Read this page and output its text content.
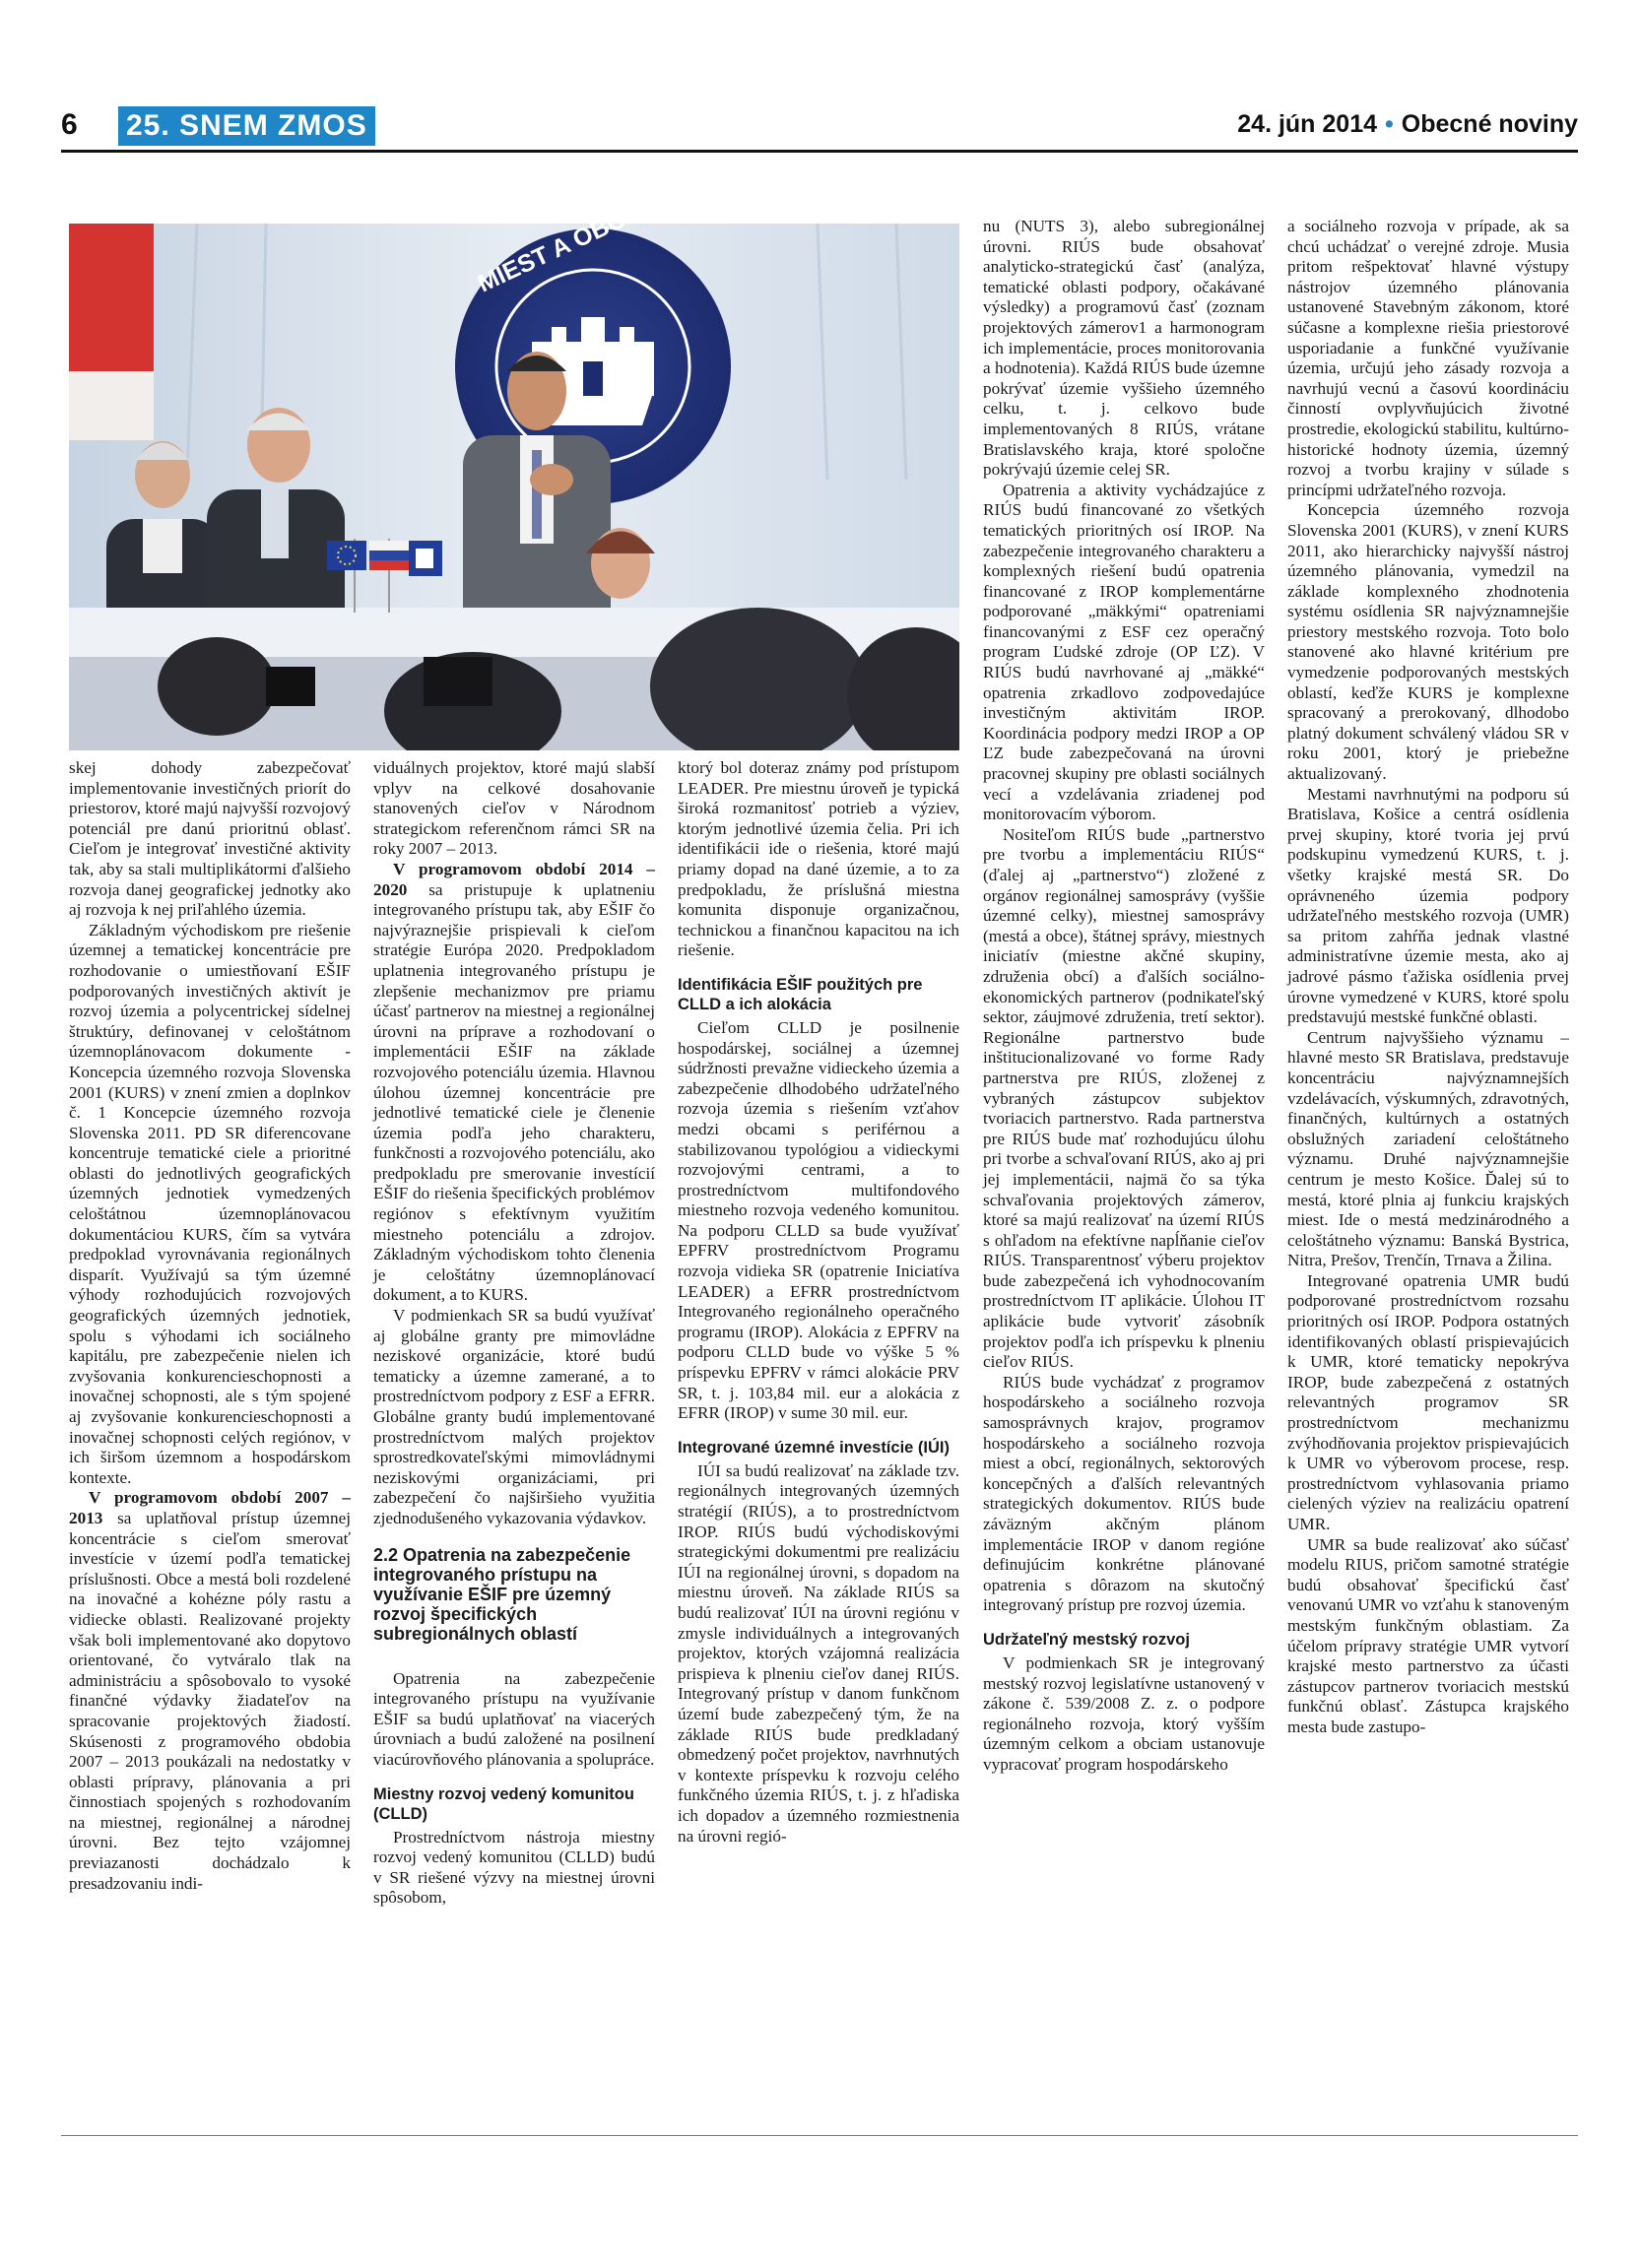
6 25. SNEM ZMOS	24. jún 2014 • Obecné noviny
MIEST A OBCÍ

skej dohody zabezpečovať implementovanie investičných priorít do priestorov, ktoré majú najvyšší rozvojový potenciál pre danú prioritnú oblasť. Cieľom je integrovať investičné aktivity tak, aby sa stali multiplikátormi ďalšieho rozvoja danej geografickej jednotky ako aj rozvoja k nej priľahlého územia.

Základným východiskom pre riešenie územnej a tematickej koncentrácie pre rozhodovanie o umiestňovaní EŠIF podporovaných investičných aktivít je rozvoj územia a polycentrickej sídelnej štruktúry, definovanej v celoštátnom územnoplánovacom dokumente - Koncepcia územného rozvoja Slovenska 2001 (KURS) v znení zmien a doplnkov č. 1 Koncepcie územného rozvoja Slovenska 2011. PD SR diferencovane koncentruje tematické ciele a prioritné oblasti do jednotlivých geografických územných jednotiek vymedzených celoštátnou územnoplánovacou dokumentáciou KURS, čím sa vytvára predpoklad vyrovnávania regionálnych disparít. Využívajú sa tým územné výhody rozhodujúcich rozvojových geografických územných jednotiek, spolu s výhodami ich sociálneho kapitálu, pre zabezpečenie nielen ich zvyšovania konkurencieschopnosti a inovačnej schopnosti, ale s tým spojené aj zvyšovanie konkurencieschopnosti a inovačnej schopnosti celých regiónov, v ich širšom územnom a hospodárskom kontexte.

V programovom období 2007 – 2013 sa uplatňoval prístup územnej koncentrácie s cieľom smerovať investície v území podľa tematickej príslušnosti. Obce a mestá boli rozdelené na inovačné a kohézne póly rastu a vidiecke oblasti. Realizované projekty však boli implementované ako dopytovo orientované, čo vytváralo tlak na administráciu a spôsobovalo to vysoké finančné výdavky žiadateľov na spracovanie projektových žiadostí. Skúsenosti z programového obdobia 2007 – 2013 poukázali na nedostatky v oblasti prípravy, plánovania a pri činnostiach spojených s rozhodovaním na miestnej, regionálnej a národnej úrovni. Bez tejto vzájomnej previazanosti dochádzalo k presadzovaniu indi-

viduálnych projektov, ktoré majú slabší vplyv na celkové dosahovanie stanovených cieľov v Národnom strategickom referenčnom rámci SR na roky 2007 – 2013.

V programovom období 2014 – 2020 sa pristupuje k uplatneniu integrovaného prístupu tak, aby EŠIF čo najvýraznejšie prispievali k cieľom stratégie Európa 2020. Predpokladom uplatnenia integrovaného prístupu je zlepšenie mechanizmov pre priamu účasť partnerov na miestnej a regionálnej úrovni na príprave a rozhodovaní o implementácii EŠIF na základe rozvojového potenciálu územia. Hlavnou úlohou územnej koncentrácie pre jednotlivé tematické ciele je členenie územia podľa jeho charakteru, funkčnosti a rozvojového potenciálu, ako predpokladu pre smerovanie investícií EŠIF do riešenia špecifických problémov regiónov s efektívnym využitím miestneho potenciálu a zdrojov. Základným východiskom tohto členenia je celoštátny územnoplánovací dokument, a to KURS.

V podmienkach SR sa budú využívať aj globálne granty pre mimovládne neziskové organizácie, ktoré budú tematicky a územne zamerané, a to prostredníctvom podpory z ESF a EFRR. Globálne granty budú implementované prostredníctvom malých projektov sprostredkovateľskými mimovládnymi neziskovými organizáciami, pri zabezpečení čo najširšieho využitia zjednodušeného vykazovania výdavkov.

2.2 Opatrenia na zabezpečenie integrovaného prístupu na využívanie EŠIF pre územný rozvoj špecifických subregionálnych oblastí

Opatrenia na zabezpečenie integrovaného prístupu na využívanie EŠIF sa budú uplatňovať na viacerých úrovniach a budú založené na posilnení viacúrovňového plánovania a spolupráce.

Miestny rozvoj vedený komunitou (CLLD)

Prostredníctvom nástroja miestny rozvoj vedený komunitou (CLLD) budú v SR riešené výzvy na miestnej úrovni spôsobom,

ktorý bol doteraz známy pod prístupom LEADER. Pre miestnu úroveň je typická široká rozmanitosť potrieb a výziev, ktorým jednotlivé územia čelia. Pri ich identifikácii ide o riešenia, ktoré majú priamy dopad na dané územie, a to za predpokladu, že príslušná miestna komunita disponuje organizačnou, technickou a finančnou kapacitou na ich riešenie.

Identifikácia EŠIF použitých pre CLLD a ich alokácia

Cieľom CLLD je posilnenie hospodárskej, sociálnej a územnej súdržnosti prevažne vidieckeho územia a zabezpečenie dlhodobého udržateľného rozvoja územia s riešením vzťahov medzi obcami s periférnou a stabilizovanou typológiou a vidieckymi rozvojovými centrami, a to prostredníctvom multifondového miestneho rozvoja vedeného komunitou. Na podporu CLLD sa bude využívať EPFRV prostredníctvom Programu rozvoja vidieka SR (opatrenie Iniciatíva LEADER) a EFRR prostredníctvom Integrovaného regionálneho operačného programu (IROP). Alokácia z EPFRV na podporu CLLD bude vo výške 5 % príspevku EPFRV v rámci alokácie PRV SR, t. j. 103,84 mil. eur a alokácia z EFRR (IROP) v sume 30 mil. eur.

Integrované územné investície (IÚI)

IÚI sa budú realizovať na základe tzv. regionálnych integrovaných územných stratégií (RIÚS), a to prostredníctvom IROP. RIÚS budú východiskovými strategickými dokumentmi pre realizáciu IÚI na regionálnej úrovni, s dopadom na miestnu úroveň. Na základe RIÚS sa budú realizovať IÚI na úrovni regiónu v zmysle individuálnych a integrovaných projektov, ktorých vzájomná realizácia prispieva k plneniu cieľov danej RIÚS. Integrovaný prístup v danom funkčnom území bude zabezpečený tým, že na základe RIÚS bude predkladaný obmedzený počet projektov, navrhnutých v kontexte príspevku k rozvoju celého funkčného územia RIÚS, t. j. z hľadiska ich dopadov a územného rozmiestnenia na úrovni regió-

nu (NUTS 3), alebo subregionálnej úrovni. RIÚS bude obsahovať analyticko-strategickú časť (analýza, tematické oblasti podpory, očakávané výsledky) a programovú časť (zoznam projektových zámerov1 a harmonogram ich implementácie, proces monitorovania a hodnotenia). Každá RIÚS bude územne pokrývať územie vyššieho územného celku, t. j. celkovo bude implementovaných 8 RIÚS, vrátane Bratislavského kraja, ktoré spoločne pokrývajú územie celej SR.

Opatrenia a aktivity vychádzajúce z RIÚS budú financované zo všetkých tematických prioritných osí IROP. Na zabezpečenie integrovaného charakteru a komplexných riešení budú opatrenia financované z IROP komplementárne podporované „mäkkými“ opatreniami financovanými z ESF cez operačný program Ľudské zdroje (OP ĽZ). V RIÚS budú navrhované aj „mäkké“ opatrenia zrkadlovo zodpovedajúce investičným aktivitám IROP. Koordinácia podpory medzi IROP a OP ĽZ bude zabezpečovaná na úrovni pracovnej skupiny pre oblasti sociálnych vecí a vzdelávania zriadenej pod monitorovacím výborom.

Nositeľom RIÚS bude „partnerstvo pre tvorbu a implementáciu RIÚS“ (ďalej aj „partnerstvo“) zložené z orgánov regionálnej samosprávy (vyššie územné celky), miestnej samosprávy (mestá a obce), štátnej správy, miestnych iniciatív (miestne akčné skupiny, združenia obcí) a ďalších sociálno-ekonomických partnerov (podnikateľský sektor, záujmové združenia, tretí sektor). Regionálne partnerstvo bude inštitucionalizované vo forme Rady partnerstva pre RIÚS, zloženej z vybraných zástupcov subjektov tvoriacich partnerstvo. Rada partnerstva pre RIÚS bude mať rozhodujúcu úlohu pri tvorbe a schvaľovaní RIÚS, ako aj pri jej implementácii, najmä čo sa týka schvaľovania projektových zámerov, ktoré sa majú realizovať na území RIÚS s ohľadom na efektívne napĺňanie cieľov RIÚS. Transparentnosť výberu projektov bude zabezpečená ich vyhodnocovaním prostredníctvom IT aplikácie. Úlohou IT aplikácie bude vytvoriť zásobník projektov podľa ich príspevku k plneniu cieľov RIÚS.

RIÚS bude vychádzať z programov hospodárskeho a sociálneho rozvoja samosprávnych krajov, programov hospodárskeho a sociálneho rozvoja miest a obcí, regionálnych, sektorových koncepčných a ďalších relevantných strategických dokumentov. RIÚS bude záväzným akčným plánom implementácie IROP v danom regióne definujúcim konkrétne plánované opatrenia s dôrazom na skutočný integrovaný prístup pre rozvoj územia.

Udržateľný mestský rozvoj

V podmienkach SR je integrovaný mestský rozvoj legislatívne ustanovený v zákone č. 539/2008 Z. z. o podpore regionálneho rozvoja, ktorý vyšším územným celkom a obciam ustanovuje vypracovať program hospodárskeho

a sociálneho rozvoja v prípade, ak sa chcú uchádzať o verejné zdroje. Musia pritom rešpektovať hlavné výstupy nástrojov územného plánovania ustanovené Stavebným zákonom, ktoré súčasne a komplexne riešia priestorové usporiadanie a funkčné využívanie územia, určujú jeho zásady rozvoja a navrhujú vecnú a časovú koordináciu činností ovplyvňujúcich životné prostredie, ekologickú stabilitu, kultúrno-historické hodnoty územia, územný rozvoj a tvorbu krajiny v súlade s princípmi udržateľného rozvoja.

Koncepcia územného rozvoja Slovenska 2001 (KURS), v znení KURS 2011, ako hierarchicky najvyšší nástroj územného plánovania, vymedzil na základe komplexného zhodnotenia systému osídlenia SR najvýznamnejšie priestory mestského rozvoja. Toto bolo stanovené ako hlavné kritérium pre vymedzenie podporovaných mestských oblastí, keďže KURS je komplexne spracovaný a prerokovaný, dlhodobo platný dokument schválený vládou SR v roku 2001, ktorý je priebežne aktualizovaný.

Mestami navrhnutými na podporu sú Bratislava, Košice a centrá osídlenia prvej skupiny, ktoré tvoria jej prvú podskupinu vymedzenú KURS, t. j. všetky krajské mestá SR. Do oprávneného územia podpory udržateľného mestského rozvoja (UMR) sa pritom zahŕňa jednak vlastné administratívne územie mesta, ako aj jadrové pásmo ťažiska osídlenia prvej úrovne vymedzené v KURS, ktoré spolu predstavujú mestské funkčné oblasti.

Centrum najvyššieho významu – hlavné mesto SR Bratislava, predstavuje koncentráciu najvýznamnejších vzdelávacích, výskumných, zdravotných, finančných, kultúrnych a ostatných obslužných zariadení celoštátneho významu. Druhé najvýznamnejšie centrum je mesto Košice. Ďalej sú to mestá, ktoré plnia aj funkciu krajských miest. Ide o mestá medzinárodného a celoštátneho významu: Banská Bystrica, Nitra, Prešov, Trenčín, Trnava a Žilina.

Integrované opatrenia UMR budú podporované prostredníctvom rozsahu prioritných osí IROP. Podpora ostatných identifikovaných oblastí prispievajúcich k UMR, ktoré tematicky nepokrýva IROP, bude zabezpečená z ostatných relevantných programov SR prostredníctvom mechanizmu zvýhodňovania projektov prispievajúcich k UMR vo výberovom procese, resp. prostredníctvom vyhlasovania priamo cielených výziev na realizáciu opatrení UMR.

UMR sa bude realizovať ako súčasť modelu RIUS, pričom samotné stratégie budú obsahovať špecifickú časť venovanú UMR vo vzťahu k stanoveným mestským funkčným oblastiam. Za účelom prípravy stratégie UMR vytvorí krajské mesto partnerstvo za účasti zástupcov partnerov tvoriacich mestskú funkčnú oblasť. Zástupca krajského mesta bude zastupo-
